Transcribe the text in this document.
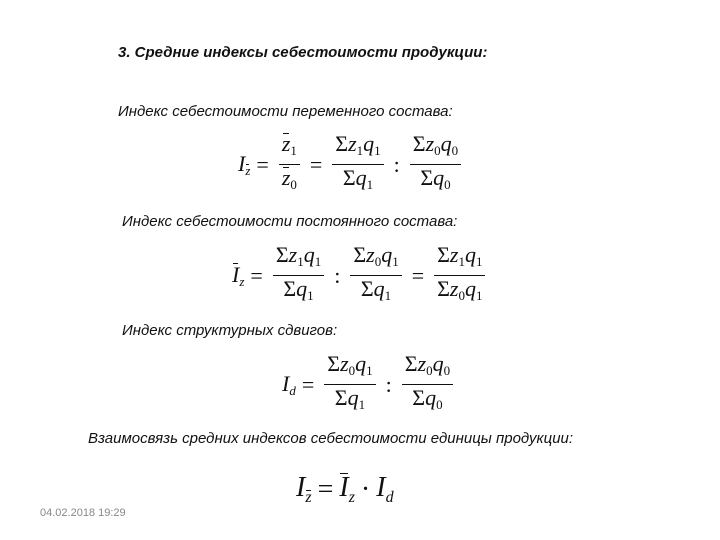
3. Средние индексы себестоимости продукции:
Индекс себестоимости переменного состава:
$I_z = \frac{z_1}{z_0} = \frac{\Sigma z_1q_1}{\Sigma q_1}$ : $\frac{\Sigma z_0q_0}{\Sigma q_0}$
Индекс себестоимости постоянного состава:
$I_z = \frac{\Sigma z_1q_1}{\Sigma q_1}$ : $\frac{\Sigma z_0q_1}{\Sigma q_1} = \frac{\Sigma z_1q_1}{\Sigma z_0q_1}$
Индекс структурных сдвигов:
$I_d = \frac{\Sigma z_0q_1}{\Sigma q_1}$ : $\frac{\Sigma z_0q_0}{\Sigma q_0}$
Взаимосвязь средних индексов себестоимости единицы продукции:
$I_z = I_z \cdot I_d$
04.02.2018 19:29
